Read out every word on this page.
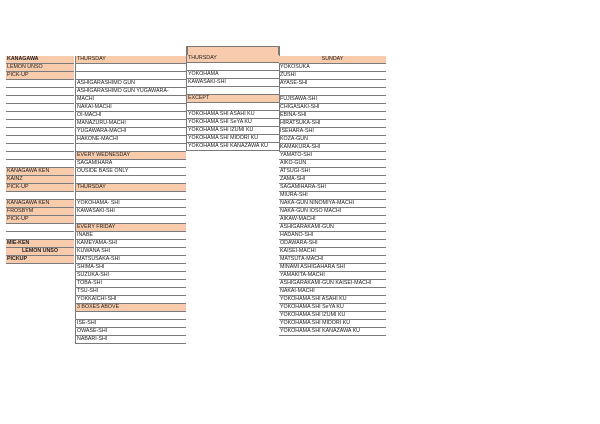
KANAGAWA
LEMON UNSO
PICK-UP
KANAGAWA KEN
KAINZ
PICK-UP
KANAGAWA KEN
FROSBYM
PICK-UP
MIE-KEN
LEMON UNSO
PICKUP
THURSDAY
ASHIGARASHIMO GUN
ASHIGARASHIMO GUN YUGAWARA-
MACHI
NAKAI-MACHI
OI-MACHI
MANAZURU-MACHI
YUGAWARA-MACHI
HAKONE-MACHI
EVERY WEDNESDAY
SAGAMIHARA
OUSIDE BASE ONLY
THURSDAY
YOKOHAMA- SHI
KAWASAKI-SHI
EVERY FRIDAY
INABE
KAMEYAMA-SHI
KUWANA SHI
MATSUSAKA-SHI
SHIMA-SHI
SUZUKA-SHI
TOBA-SHI
TSU-SHI
YOKKAICHI-SHI
3 BOXES ABOVE
ISE-SHI
OWASE-SHI
NABARI-SHI
THURSDAY
YOKOHAMA
KAWASAKI-SHI
EXCEPT
YOKOHAMA SHI ASAHI KU
YOKOHAMA SHI SeYA KU
YOKOHAMA SHI IZUMI KU
YOKOHAMA SHI MIDORI KU
YOKOHAMA SHI KANAZAWA KU
SUNDAY
YOKOSUKA
ZUSHI
AYASE-SHI
FUJISAWA-SHI
CHIGASAKI-SHI
EBINA-SHI
HIRATSUKA-SHI
ISEHARA-SHI
KOZA-GUN
KAMAKURA-SHI
YAMATO-SHI
AIKO-GUN
ATSUGI-SHI
ZAMA-SHI
SAGAMIHARA-SHI
MIURA-SHI
NAKA-GUN NINOMIYA-MACHI
NAKA-GUN IOSO MACHI
AIKAW-MACHI
ASHIGARAKAMI-GUN
HADANO-SHI
ODAWARA-SHI
KAISEI-MACHI
MATSUTA-MACHI
MINAMI ASHIGAHARA SHI
YAMAKITA-MACHI
ASHIGARAKAMI-GUN KAISEI-MACHI
NAKAI-MACHI
YOKOHAMA SHI ASAHI KU
YOKOHAMA SHI SeYA KU
YOKOHAMA SHI IZUMI KU
YOKOHAMA SHI MIDORI KU
YOKOHAMA SHI KANAZAWA KU
